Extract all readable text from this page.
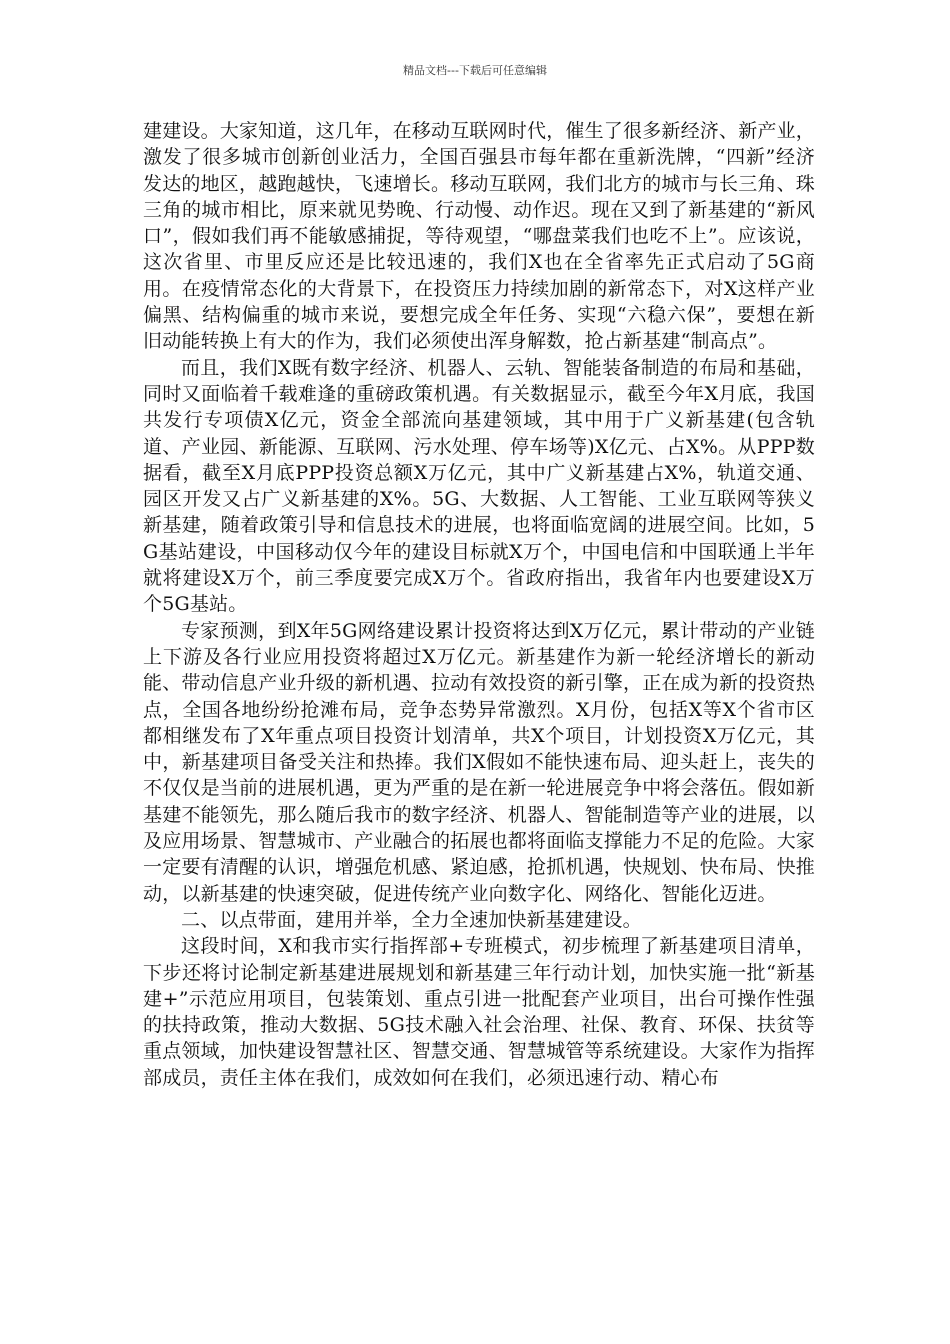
精品文档---下载后可任意编辑

建建设。大家知道，这几年，在移动互联网时代，催生了很多新经济、新产业，激发了很多城市创新创业活力，全国百强县市每年都在重新洗牌，“四新”经济发达的地区，越跑越快，飞速增长。移动互联网，我们北方的城市与长三角、珠三角的城市相比，原来就见势晚、行动慢、动作迟。现在又到了新基建的“新风口”，假如我们再不能敏感捕捉，等待观望，“哪盘菜我们也吃不上”。应该说，这次省里、市里反应还是比较迅速的，我们X也在全省率先正式启动了5G商用。在疫情常态化的大背景下，在投资压力持续加剧的新常态下，对X这样产业偏黑、结构偏重的城市来说，要想完成全年任务、实现“六稳六保”，要想在新旧动能转换上有大的作为，我们必须使出浑身解数，抢占新基建“制高点”。

而且，我们X既有数字经济、机器人、云轨、智能装备制造的布局和基础，同时又面临着千载难逢的重磅政策机遇。有关数据显示，截至今年X月底，我国共发行专项债X亿元，资金全部流向基建领域，其中用于广义新基建(包含轨道、产业园、新能源、互联网、污水处理、停车场等)X亿元、占X%。从PPP数据看，截至X月底PPP投资总额X万亿元，其中广义新基建占X%，轨道交通、园区开发又占广义新基建的X%。5G、大数据、人工智能、工业互联网等狭义新基建，随着政策引导和信息技术的进展，也将面临宽阔的进展空间。比如，5G基站建设，中国移动仅今年的建设目标就X万个，中国电信和中国联通上半年就将建设X万个，前三季度要完成X万个。省政府指出，我省年内也要建设X万个5G基站。

专家预测，到X年5G网络建设累计投资将达到X万亿元，累计带动的产业链上下游及各行业应用投资将超过X万亿元。新基建作为新一轮经济增长的新动能、带动信息产业升级的新机遇、拉动有效投资的新引擎，正在成为新的投资热点，全国各地纷纷抢滩布局，竞争态势异常激烈。X月份，包括X等X个省市区都相继发布了X年重点项目投资计划清单，共X个项目，计划投资X万亿元，其中，新基建项目备受关注和热捧。我们X假如不能快速布局、迎头赶上，丧失的不仅仅是当前的进展机遇，更为严重的是在新一轮进展竞争中将会落伍。假如新基建不能领先，那么随后我市的数字经济、机器人、智能制造等产业的进展，以及应用场景、智慧城市、产业融合的拓展也都将面临支撑能力不足的危险。大家一定要有清醒的认识，增强危机感、紧迫感，抢抓机遇，快规划、快布局、快推动，以新基建的快速突破，促进传统产业向数字化、网络化、智能化迈进。

二、以点带面，建用并举，全力全速加快新基建建设。

这段时间，X和我市实行指挥部+专班模式，初步梳理了新基建项目清单，下步还将讨论制定新基建进展规划和新基建三年行动计划，加快实施一批“新基建+”示范应用项目，包装策划、重点引进一批配套产业项目，出台可操作性强的扶持政策，推动大数据、5G技术融入社会治理、社保、教育、环保、扶贫等重点领域，加快建设智慧社区、智慧交通、智慧城管等系统建设。大家作为指挥部成员，责任主体在我们，成效如何在我们，必须迅速行动、精心布
